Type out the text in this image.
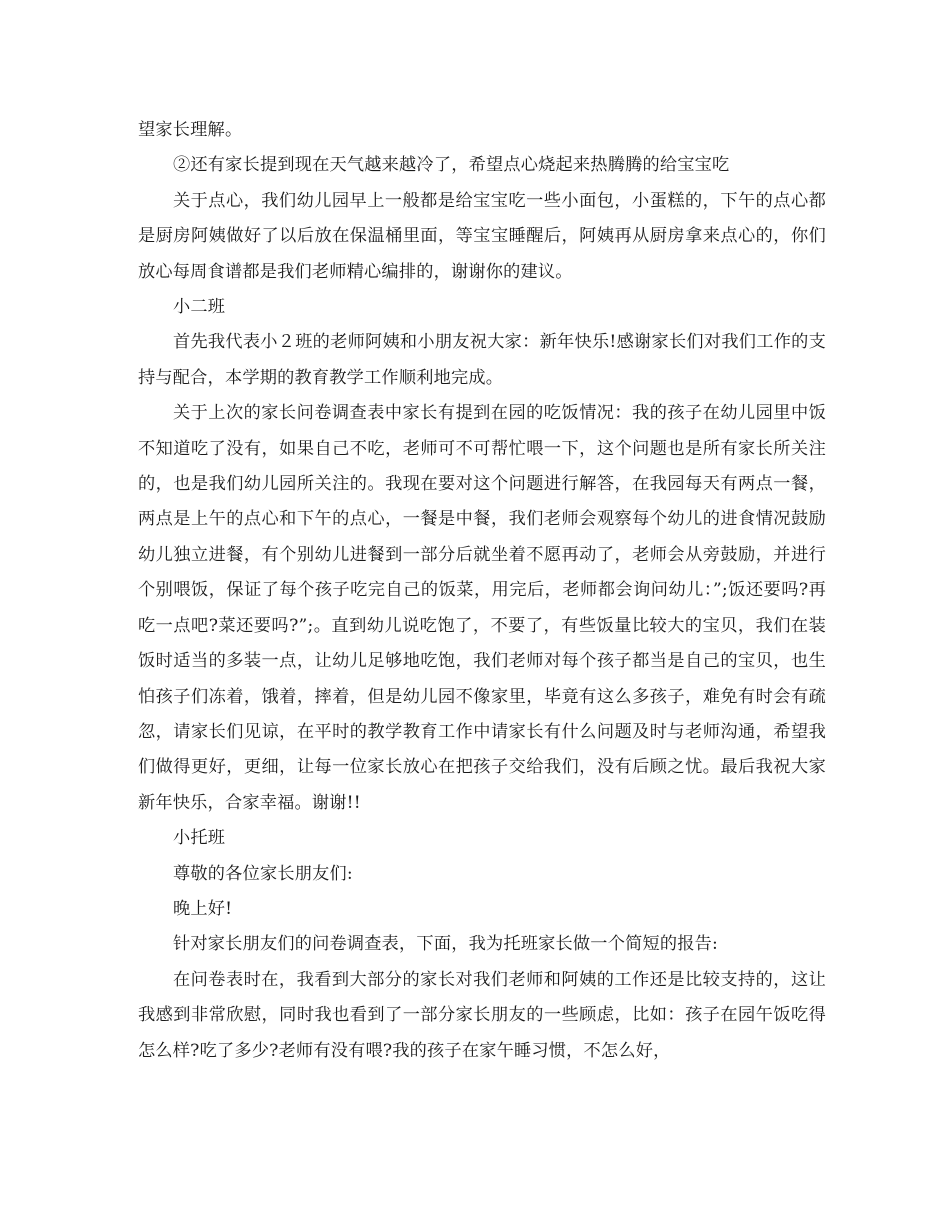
望家长理解。

②还有家长提到现在天气越来越冷了，希望点心烧起来热腾腾的给宝宝吃

关于点心，我们幼儿园早上一般都是给宝宝吃一些小面包，小蛋糕的，下午的点心都是厨房阿姨做好了以后放在保温桶里面，等宝宝睡醒后，阿姨再从厨房拿来点心的，你们放心每周食谱都是我们老师精心编排的，谢谢你的建议。

小二班

首先我代表小２班的老师阿姨和小朋友祝大家：新年快乐!感谢家长们对我们工作的支持与配合，本学期的教育教学工作顺利地完成。

关于上次的家长问卷调查表中家长有提到在园的吃饭情况：我的孩子在幼儿园里中饭不知道吃了没有，如果自己不吃，老师可不可帮忙喂一下，这个问题也是所有家长所关注的，也是我们幼儿园所关注的。我现在要对这个问题进行解答，在我园每天有两点一餐，两点是上午的点心和下午的点心，一餐是中餐，我们老师会观察每个幼儿的进食情况鼓励幼儿独立进餐，有个别幼儿进餐到一部分后就坐着不愿再动了，老师会从旁鼓励，并进行个别喂饭，保证了每个孩子吃完自己的饭菜，用完后，老师都会询问幼儿：”;饭还要吗?再吃一点吧?菜还要吗?”;。直到幼儿说吃饱了，不要了，有些饭量比较大的宝贝，我们在装饭时适当的多装一点，让幼儿足够地吃饱，我们老师对每个孩子都当是自己的宝贝，也生怕孩子们冻着，饿着，摔着，但是幼儿园不像家里，毕竟有这么多孩子，难免有时会有疏忽，请家长们见谅，在平时的教学教育工作中请家长有什么问题及时与老师沟通，希望我们做得更好，更细，让每一位家长放心在把孩子交给我们，没有后顾之忧。最后我祝大家新年快乐，合家幸福。谢谢!!

小托班

尊敬的各位家长朋友们:

晚上好!

针对家长朋友们的问卷调查表，下面，我为托班家长做一个简短的报告:

在问卷表时在，我看到大部分的家长对我们老师和阿姨的工作还是比较支持的，这让我感到非常欣慰，同时我也看到了一部分家长朋友的一些顾虑，比如：孩子在园午饭吃得怎么样?吃了多少?老师有没有喂?我的孩子在家午睡习惯，不怎么好，
